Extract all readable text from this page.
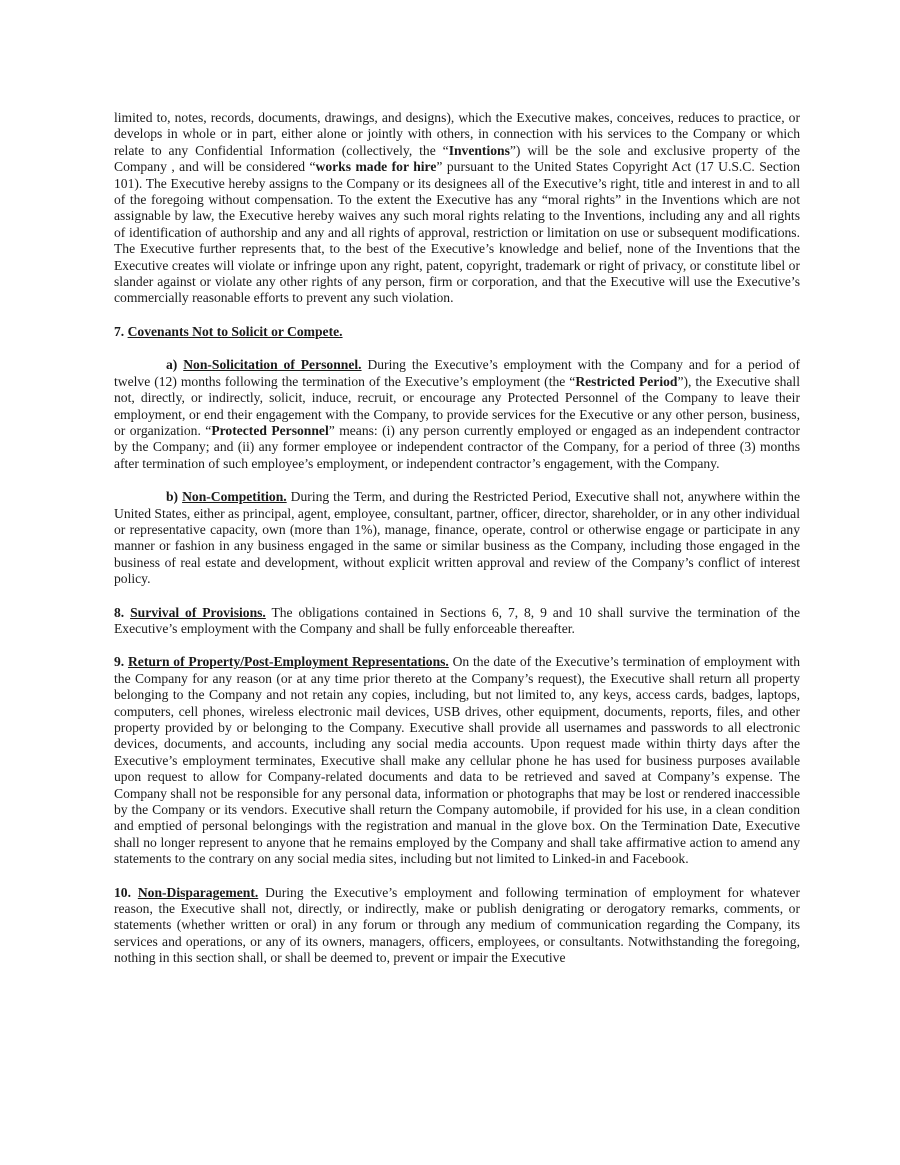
limited to, notes, records, documents, drawings, and designs), which the Executive makes, conceives, reduces to practice, or develops in whole or in part, either alone or jointly with others, in connection with his services to the Company or which relate to any Confidential Information (collectively, the “Inventions”) will be the sole and exclusive property of the Company , and will be considered “works made for hire” pursuant to the United States Copyright Act (17 U.S.C. Section 101). The Executive hereby assigns to the Company or its designees all of the Executive’s right, title and interest in and to all of the foregoing without compensation. To the extent the Executive has any “moral rights” in the Inventions which are not assignable by law, the Executive hereby waives any such moral rights relating to the Inventions, including any and all rights of identification of authorship and any and all rights of approval, restriction or limitation on use or subsequent modifications. The Executive further represents that, to the best of the Executive’s knowledge and belief, none of the Inventions that the Executive creates will violate or infringe upon any right, patent, copyright, trademark or right of privacy, or constitute libel or slander against or violate any other rights of any person, firm or corporation, and that the Executive will use the Executive’s commercially reasonable efforts to prevent any such violation.

7. Covenants Not to Solicit or Compete.

a) Non-Solicitation of Personnel. During the Executive’s employment with the Company and for a period of twelve (12) months following the termination of the Executive’s employment (the “Restricted Period”), the Executive shall not, directly, or indirectly, solicit, induce, recruit, or encourage any Protected Personnel of the Company to leave their employment, or end their engagement with the Company, to provide services for the Executive or any other person, business, or organization. “Protected Personnel” means: (i) any person currently employed or engaged as an independent contractor by the Company; and (ii) any former employee or independent contractor of the Company, for a period of three (3) months after termination of such employee’s employment, or independent contractor’s engagement, with the Company.

b) Non-Competition. During the Term, and during the Restricted Period, Executive shall not, anywhere within the United States, either as principal, agent, employee, consultant, partner, officer, director, shareholder, or in any other individual or representative capacity, own (more than 1%), manage, finance, operate, control or otherwise engage or participate in any manner or fashion in any business engaged in the same or similar business as the Company, including those engaged in the business of real estate and development, without explicit written approval and review of the Company’s conflict of interest policy.

8. Survival of Provisions. The obligations contained in Sections 6, 7, 8, 9 and 10 shall survive the termination of the Executive’s employment with the Company and shall be fully enforceable thereafter.

9. Return of Property/Post-Employment Representations. On the date of the Executive’s termination of employment with the Company for any reason (or at any time prior thereto at the Company’s request), the Executive shall return all property belonging to the Company and not retain any copies, including, but not limited to, any keys, access cards, badges, laptops, computers, cell phones, wireless electronic mail devices, USB drives, other equipment, documents, reports, files, and other property provided by or belonging to the Company. Executive shall provide all usernames and passwords to all electronic devices, documents, and accounts, including any social media accounts. Upon request made within thirty days after the Executive’s employment terminates, Executive shall make any cellular phone he has used for business purposes available upon request to allow for Company-related documents and data to be retrieved and saved at Company’s expense. The Company shall not be responsible for any personal data, information or photographs that may be lost or rendered inaccessible by the Company or its vendors. Executive shall return the Company automobile, if provided for his use, in a clean condition and emptied of personal belongings with the registration and manual in the glove box. On the Termination Date, Executive shall no longer represent to anyone that he remains employed by the Company and shall take affirmative action to amend any statements to the contrary on any social media sites, including but not limited to Linked-in and Facebook.

10. Non-Disparagement. During the Executive’s employment and following termination of employment for whatever reason, the Executive shall not, directly, or indirectly, make or publish denigrating or derogatory remarks, comments, or statements (whether written or oral) in any forum or through any medium of communication regarding the Company, its services and operations, or any of its owners, managers, officers, employees, or consultants. Notwithstanding the foregoing, nothing in this section shall, or shall be deemed to, prevent or impair the Executive
